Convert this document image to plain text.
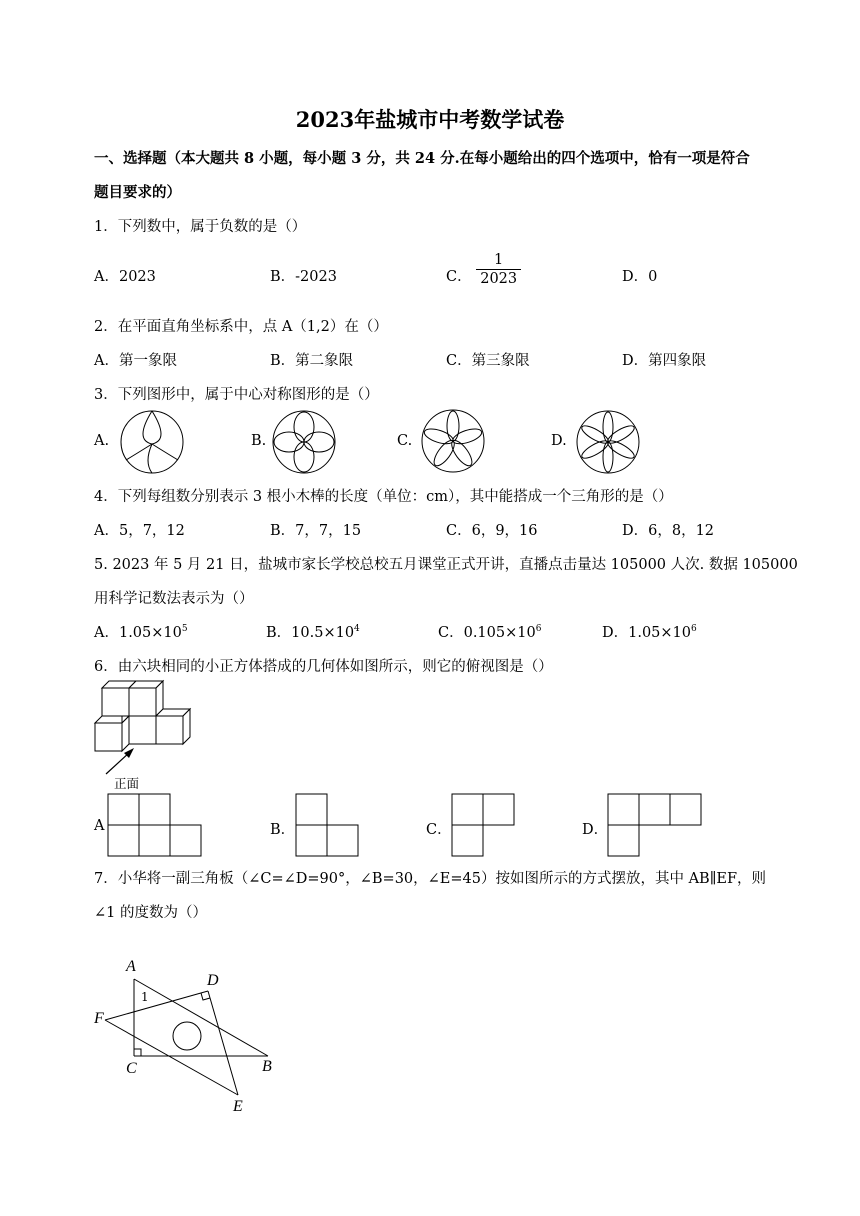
2023年盐城市中考数学试卷
一、选择题（本大题共 8 小题，每小题 3 分，共 24 分.在每小题给出的四个选项中，恰有一项是符合
题目要求的）
1．下列数中，属于负数的是（）
A．2023	B．-2023	C． $\frac{1}{2023}$	D．0
2．在平面直角坐标系中，点 A（1,2）在（）
A．第一象限	B．第二象限	C．第三象限	D．第四象限
3．下列图形中，属于中心对称图形的是（）
A.	B.	C.	D.
4．下列每组数分别表示 3 根小木棒的长度（单位：cm），其中能搭成一个三角形的是（）
A．5，7，12	B．7，7，15	C．6，9，16	D．6，8，12
5. 2023 年 5 月 21 日，盐城市家长学校总校五月课堂正式开讲，直播点击量达 105000 人次. 数据 105000
用科学记数法表示为（）
A．$1.05\times 10^5$	B．$10.5\times 10^4$	C．$0.105\times 10^6$	D．$1.05\times 10^6$
6．由六块相同的小正方体搭成的几何体如图所示，则它的俯视图是（）
正面
A	B．	C．	D．
7．小华将一副三角板（∠C=∠D=90°，∠B=30，∠E=45）按如图所示的方式摆放，其中 AB∥EF，则
∠1 的度数为（）
A
D
F
1
C	B
E
